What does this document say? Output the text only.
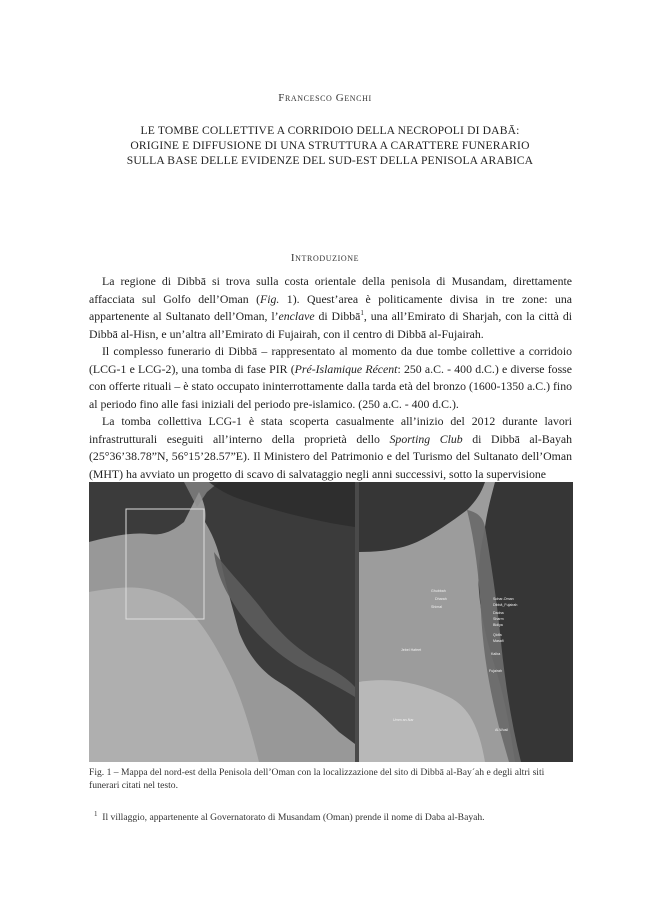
Francesco Genchi
LE TOMBE COLLETTIVE A CORRIDOIO DELLA NECROPOLI DI DABĀ:
ORIGINE E DIFFUSIONE DI UNA STRUTTURA A CARATTERE FUNERARIO
SULLA BASE DELLE EVIDENZE DEL SUD-EST DELLA PENISOLA ARABICA
Introduzione

La regione di Dibbā si trova sulla costa orientale della penisola di Musandam, direttamente affacciata sul Golfo dell’Oman (Fig. 1). Quest’area è politicamente divisa in tre zone: una appartenente al Sultanato dell’Oman, l’enclave di Dibbā$^1$, una all’Emirato di Sharjah, con la città di Dibbā al-Hisn, e un’altra all’Emirato di Fujairah, con il centro di Dibbā al-Fujairah.

Il complesso funerario di Dibbā – rappresentato al momento da due tombe collettive a corridoio (LCG-1 e LCG-2), una tomba di fase PIR (Pré-Islamique Récent: 250 a.C. - 400 d.C.) e diverse fosse con offerte rituali – è stato occupato ininterrottamente dalla tarda età del bronzo (1600-1350 a.C.) fino al periodo fino alle fasi iniziali del periodo pre-islamico. (250 a.C. - 400 d.C.).

La tomba collettiva LCG-1 è stata scoperta casualmente all’inizio del 2012 durante lavori infrastrutturali eseguiti all’interno della proprietà dello Sporting Club di Dibbā al-Bayah (25°36’38.78”N, 56°15’28.57”E). Il Ministero del Patrimonio e del Turismo del Sultanato dell’Oman (MHT) ha avviato un progetto di scavo di salvataggio negli anni successivi, sotto la supervisione

Ghubbah
Dharah
Shimal
Sohar-Oman
Dibbā_Fujairah
Dadna
Sharm
Bidiya
Qidfa
Masafi
Kalba
Fujairah
Jebel Hafeet
Umm an-Nar
Al-Wusil
Fig. 1 – Mappa del nord-est della Penisola dell’Oman con la localizzazione del sito di Dibbā al-Bay´ah e degli altri siti funerari citati nel testo.
$^1$ Il villaggio, appartenente al Governatorato di Musandam (Oman) prende il nome di Daba al-Bayah.
